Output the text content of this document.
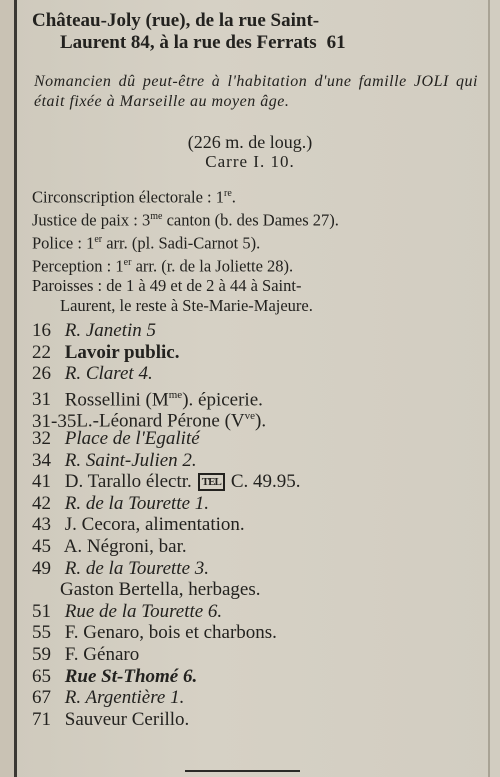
Château-Joly (rue), de la rue Saint-
Laurent 84, à la rue des Ferrats 61
Nomancien dû peut-être à l'habitation d'une famille JOLI qui était fixée à Marseille au moyen âge.
(226 m. de loug.)
Carre I. 10.
Circonscription électorale : 1re.
Justice de paix : $3^{me}$ canton (b. des Dames 27).
Police : 1er arr. (pl. Sadi-Carnot 5).
Perception : 1er arr. (r. de la Joliette 28).
Paroisses : de 1 à 49 et de 2 à 44 à Saint-
Laurent, le reste à Ste-Marie-Majeure.
16 R. Janetin 5
22 Lavoir public.
26 R. Claret 4.
31 Rossellini $(M^{me})$. épicerie.
31-35L.-Léonard Pérone $(V^{ve})$.
32 Place de l'Egalité
34 R. Saint-Julien 2.
41 D. Tarallo électr. TEL C. 49.95.
42 R. de la Tourette 1.
43 J. Cecora, alimentation.
45 A. Négroni, bar.
49 R. de la Tourette 3.
Gaston Bertella, herbages.
51 Rue de la Tourette 6.
55 F. Genaro, bois et charbons.
59 F. Génaro
65 Rue St-Thomé 6.
67 R. Argentière 1.
71 Sauveur Cerillo.
